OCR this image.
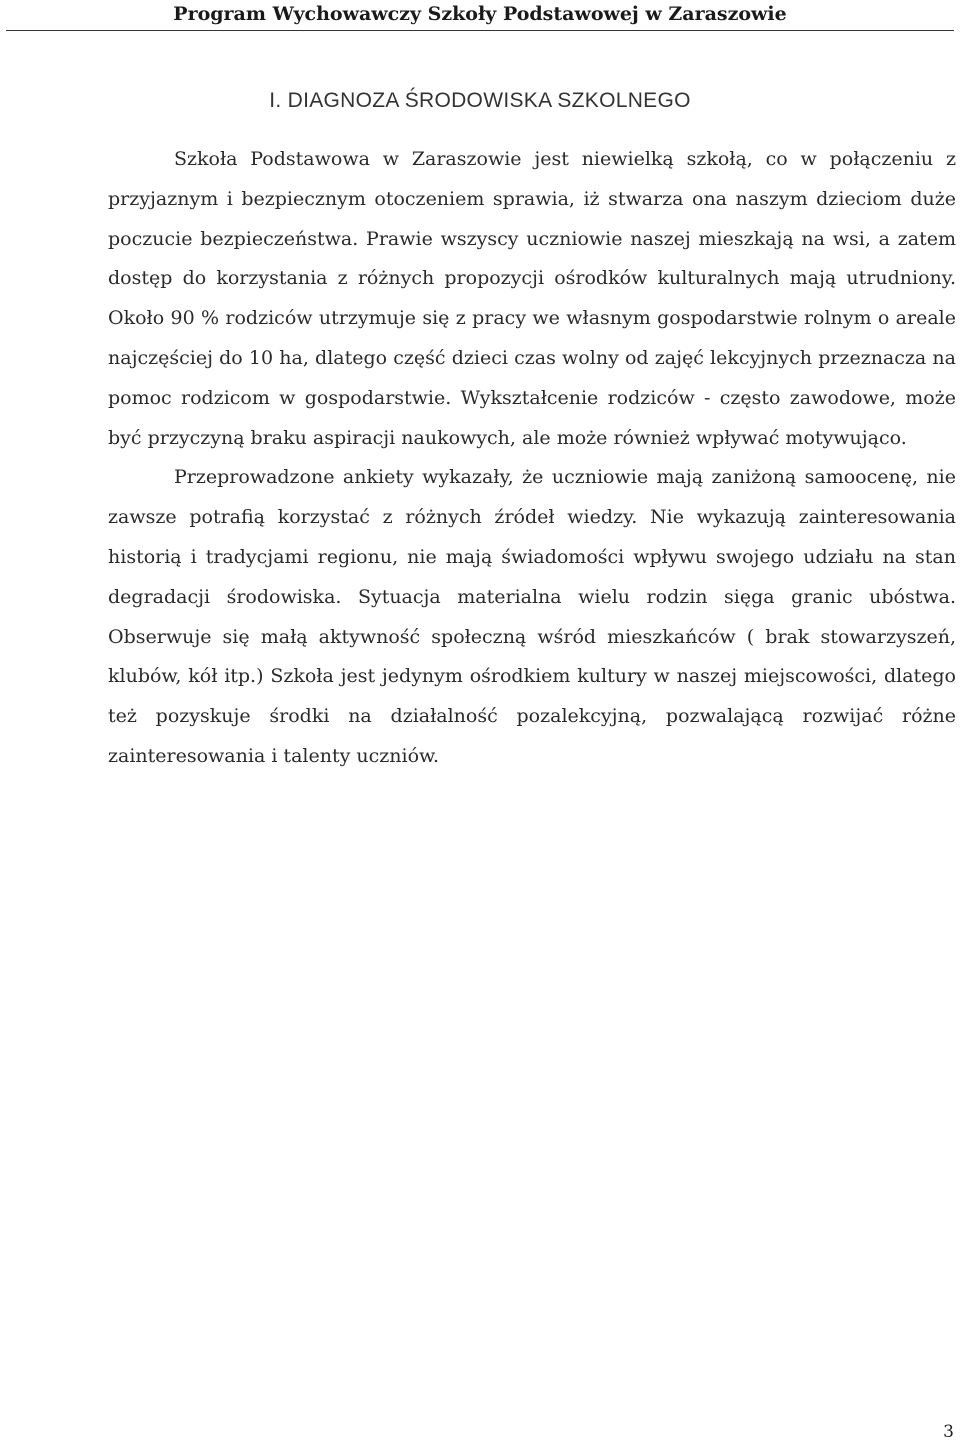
Program Wychowawczy Szkoły Podstawowej w Zaraszowie
I. DIAGNOZA ŚRODOWISKA SZKOLNEGO

Szkoła Podstawowa w Zaraszowie jest niewielką szkołą, co w połączeniu z przyjaznym i bezpiecznym otoczeniem sprawia, iż stwarza ona naszym dzieciom duże poczucie bezpieczeństwa. Prawie wszyscy uczniowie naszej mieszkają na wsi, a zatem dostęp do korzystania z różnych propozycji ośrodków kulturalnych mają utrudniony. Około 90 % rodziców utrzymuje się z pracy we własnym gospodarstwie rolnym o areale najczęściej do 10 ha, dlatego część dzieci czas wolny od zajęć lekcyjnych przeznacza na pomoc rodzicom w gospodarstwie. Wykształcenie rodziców - często zawodowe, może być przyczyną braku aspiracji naukowych, ale może również wpływać motywująco.

Przeprowadzone ankiety wykazały, że uczniowie mają zaniżoną samoocenę, nie zawsze potrafią korzystać z różnych źródeł wiedzy. Nie wykazują zainteresowania historią i tradycjami regionu, nie mają świadomości wpływu swojego udziału na stan degradacji środowiska. Sytuacja materialna wielu rodzin sięga granic ubóstwa. Obserwuje się małą aktywność społeczną wśród mieszkańców ( brak stowarzyszeń, klubów, kół itp.) Szkoła jest jedynym ośrodkiem kultury w naszej miejscowości, dlatego też pozyskuje środki na działalność pozalekcyjną, pozwalającą rozwijać różne zainteresowania i talenty uczniów.

3
